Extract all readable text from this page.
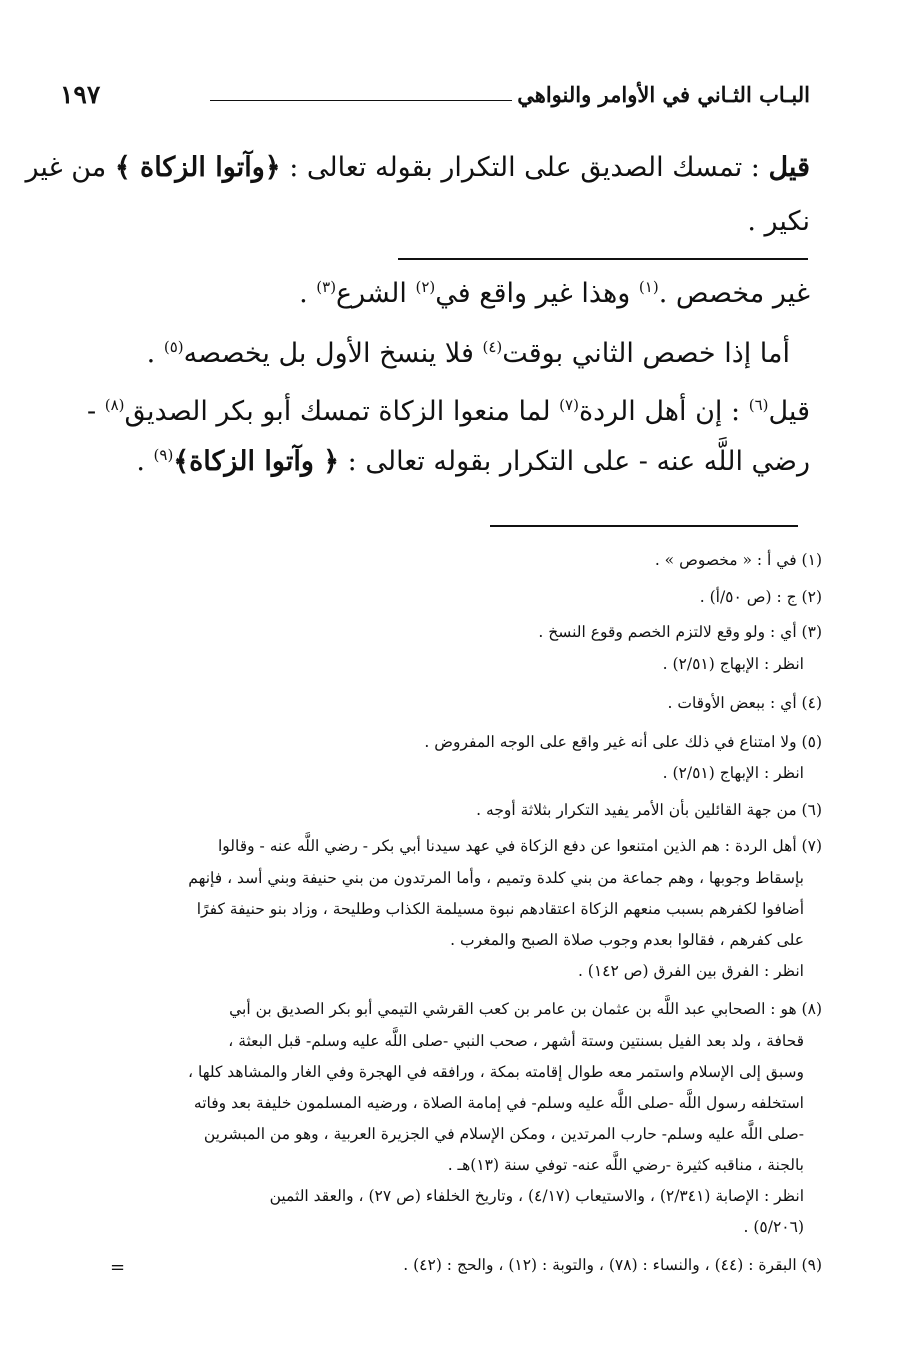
البـاب الثـاني في الأوامر والنواهي
١٩٧
قيل : تمسك الصديق على التكرار بقوله تعالى : ﴿وآتوا الزكاة ﴾ من غير
نكير .
غير مخصص .$^{(١)}$ وهذا غير واقع في$^{(٢)}$ الشرع$^{(٣)}$ .
أما إذا خصص الثاني بوقت$^{(٤)}$ فلا ينسخ الأول بل يخصصه$^{(٥)}$ .
قيل$^{(٦)}$ : إن أهل الردة$^{(٧)}$ لما منعوا الزكاة تمسك أبو بكر الصديق$^{(٨)}$ -
رضي اللَّه عنه - على التكرار بقوله تعالى : ﴿ وآتوا الزكاة﴾$^{(٩)}$ .
(١) في أ : « مخصوص » .
(٢) ج : (ص ٥٠/أ) .
(٣) أي : ولو وقع لالتزم الخصم وقوع النسخ .
انظر : الإبهاج (٢/٥١) .
(٤) أي : ببعض الأوقات .
(٥) ولا امتناع في ذلك على أنه غير واقع على الوجه المفروض .
انظر : الإبهاج (٢/٥١) .
(٦) من جهة القائلين بأن الأمر يفيد التكرار بثلاثة أوجه .
(٧) أهل الردة : هم الذين امتنعوا عن دفع الزكاة في عهد سيدنا أبي بكر - رضي اللَّه عنه - وقالوا
بإسقاط وجوبها ، وهم جماعة من بني كلدة وتميم ، وأما المرتدون من بني حنيفة وبني أسد ، فإنهم
أضافوا لكفرهم بسبب منعهم الزكاة اعتقادهم نبوة مسيلمة الكذاب وطليحة ، وزاد بنو حنيفة كفرًا
على كفرهم ، فقالوا بعدم وجوب صلاة الصبح والمغرب .
انظر : الفرق بين الفرق (ص ١٤٢) .
(٨) هو : الصحابي عبد اللَّه بن عثمان بن عامر بن كعب القرشي التيمي أبو بكر الصديق بن أبي
قحافة ، ولد بعد الفيل بسنتين وستة أشهر ، صحب النبي -صلى اللَّه عليه وسلم- قبل البعثة ،
وسبق إلى الإسلام واستمر معه طوال إقامته بمكة ، ورافقه في الهجرة وفي الغار والمشاهد كلها ،
استخلفه رسول اللَّه -صلى اللَّه عليه وسلم- في إمامة الصلاة ، ورضيه المسلمون خليفة بعد وفاته
-صلى اللَّه عليه وسلم- حارب المرتدين ، ومكن الإسلام في الجزيرة العربية ، وهو من المبشرين
بالجنة ، مناقبه كثيرة -رضي اللَّه عنه- توفي سنة (١٣)هـ .
انظر : الإصابة (٢/٣٤١) ، والاستيعاب (٤/١٧) ، وتاريخ الخلفاء (ص ٢٧) ، والعقد الثمين
(٥/٢٠٦) .
(٩) البقرة : (٤٤) ، والنساء : (٧٨) ، والتوبة : (١٢) ، والحج : (٤٢) .
=
